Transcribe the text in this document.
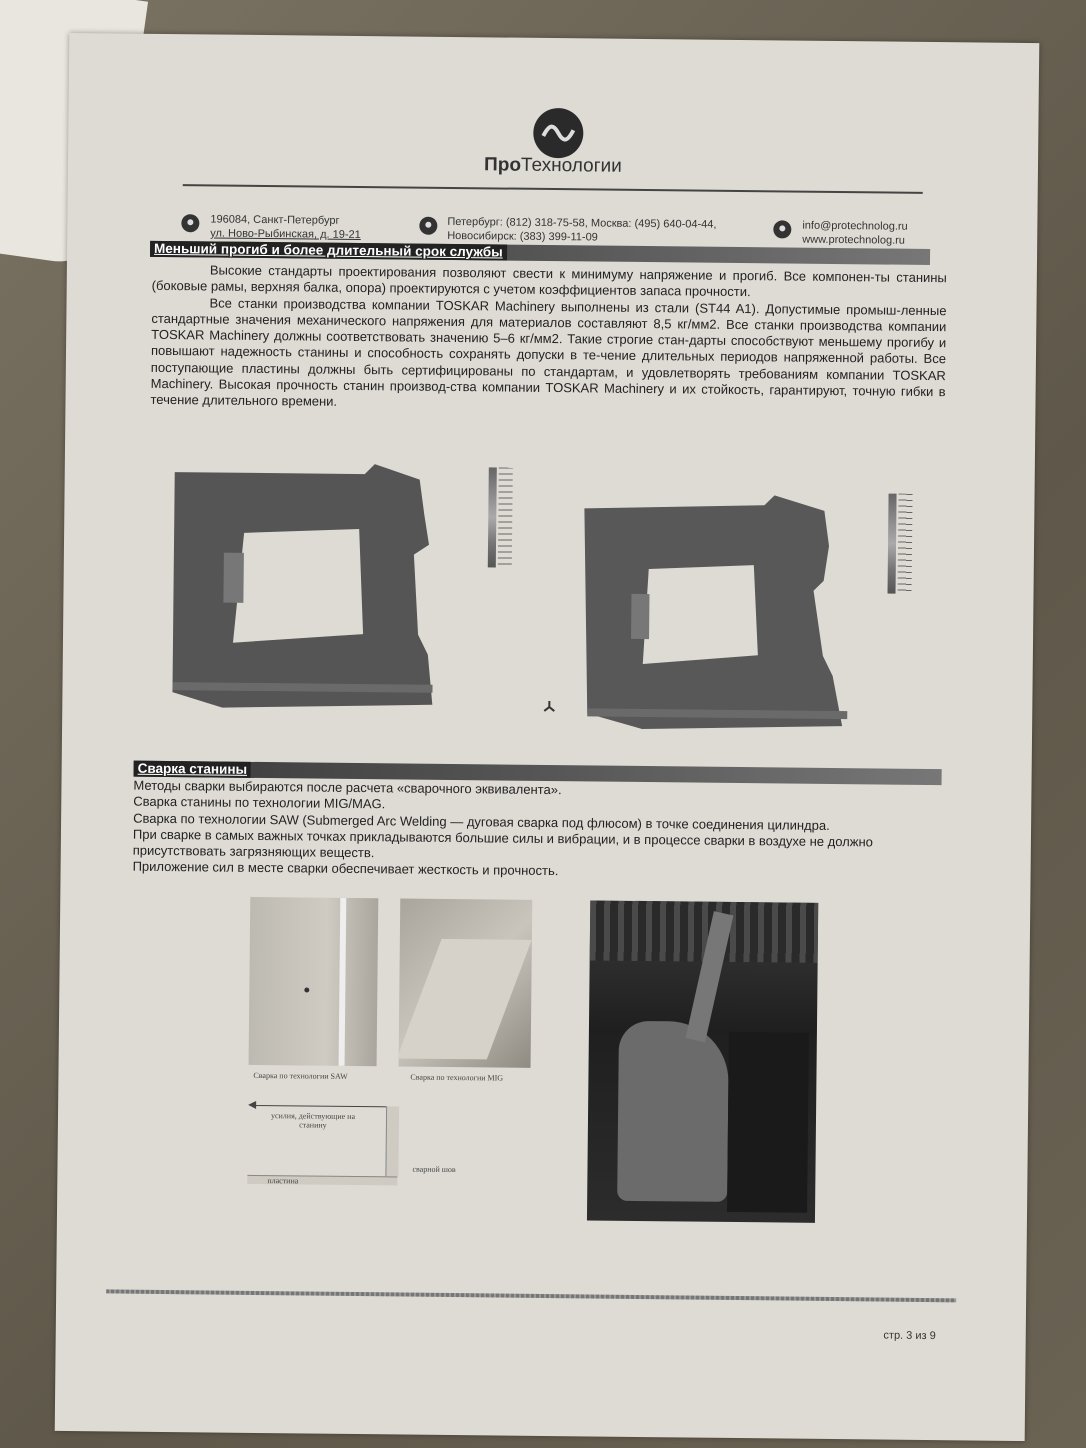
ПроТехнологии
196084, Санкт-Петербург
ул. Ново-Рыбинская, д. 19-21
Петербург: (812) 318-75-58, Москва: (495) 640-04-44,
Новосибирск: (383) 399-11-09
info@protechnolog.ru
www.protechnolog.ru
Меньший прогиб и более длительный срок службы

Высокие стандарты проектирования позволяют свести к минимуму напряжение и прогиб. Все компонен-ты станины (боковые рамы, верхняя балка, опора) проектируются с учетом коэффициентов запаса прочности.

Все станки производства компании TOSKAR Machinery выполнены из стали (ST44 A1). Допустимые промыш-ленные стандартные значения механического напряжения для материалов составляют 8,5 кг/мм2. Все станки производства компании TOSKAR Machinery должны соответствовать значению 5–6 кг/мм2. Такие строгие стан-дарты способствуют меньшему прогибу и повышают надежность станины и способность сохранять допуски в те-чение длительных периодов напряженной работы. Все поступающие пластины должны быть сертифицированы по стандартам, и удовлетворять требованиям компании TOSKAR Machinery. Высокая прочность станин производ-ства компании TOSKAR Machinery и их стойкость, гарантируют, точную гибки в течение длительного времени.

Сварка станины

Методы сварки выбираются после расчета «сварочного эквивалента».

Сварка станины по технологии MIG/MAG.

Сварка по технологии SAW (Submerged Arc Welding — дуговая сварка под флюсом) в точке соединения цилиндра.

При сварке в самых важных точках прикладываются большие силы и вибрации, и в процессе сварки в воздухе не должно присутствовать загрязняющих веществ.

Приложение сил в месте сварки обеспечивает жесткость и прочность.

Сварка по технологии SAW	Сварка по технологии MIG
усилия, действующие на станину
пластина
сварной шов
стр. 3 из 9
